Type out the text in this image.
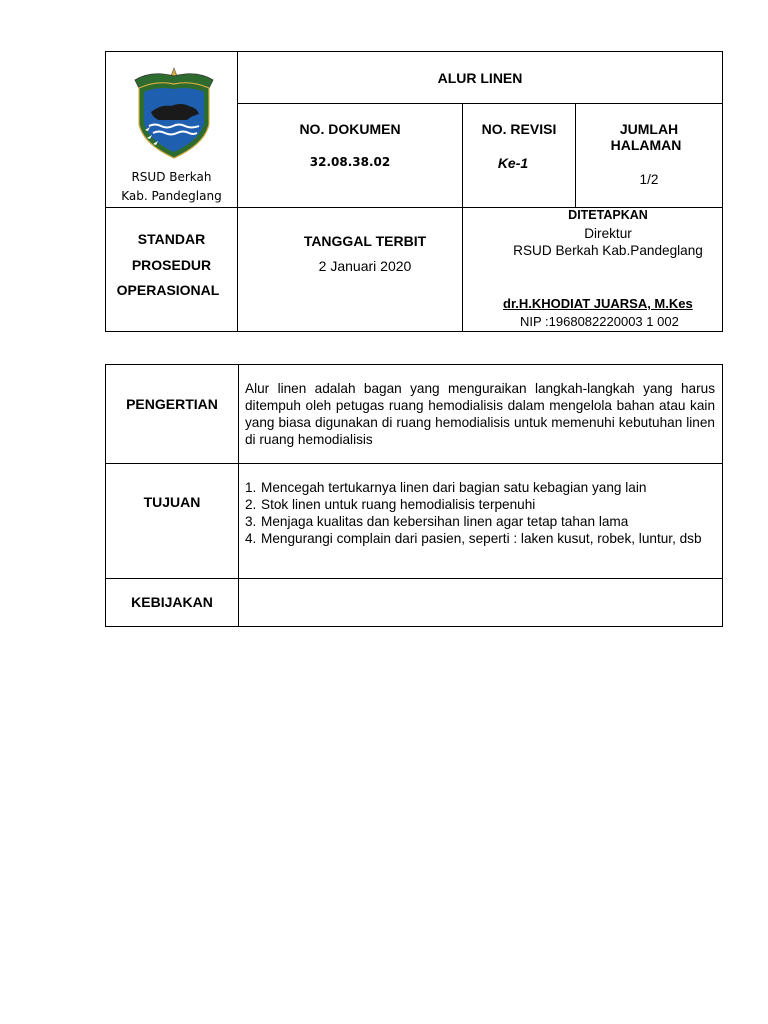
RSUD Berkah
Kab. Pandeglang
ALUR LINEN
NO. DOKUMEN
32.08.38.02
NO. REVISI
Ke-1
JUMLAH
HALAMAN
1/2
STANDAR
PROSEDUR
OPERASIONAL
TANGGAL TERBIT
2 Januari 2020
DITETAPKAN
Direktur
RSUD Berkah Kab.Pandeglang
dr.H.KHODIAT JUARSA, M.Kes
NIP :1968082220003 1 002
PENGERTIAN
Alur linen adalah bagan yang menguraikan langkah-langkah yang harus ditempuh oleh petugas ruang hemodialisis dalam mengelola bahan atau kain yang biasa digunakan di ruang hemodialisis untuk memenuhi kebutuhan linen di ruang hemodialisis
TUJUAN
1. Mencegah tertukarnya linen dari bagian satu kebagian yang lain
2. Stok linen untuk ruang hemodialisis terpenuhi
3. Menjaga kualitas dan kebersihan linen agar tetap tahan lama
4. Mengurangi complain dari pasien, seperti : laken kusut, robek, luntur, dsb
KEBIJAKAN
